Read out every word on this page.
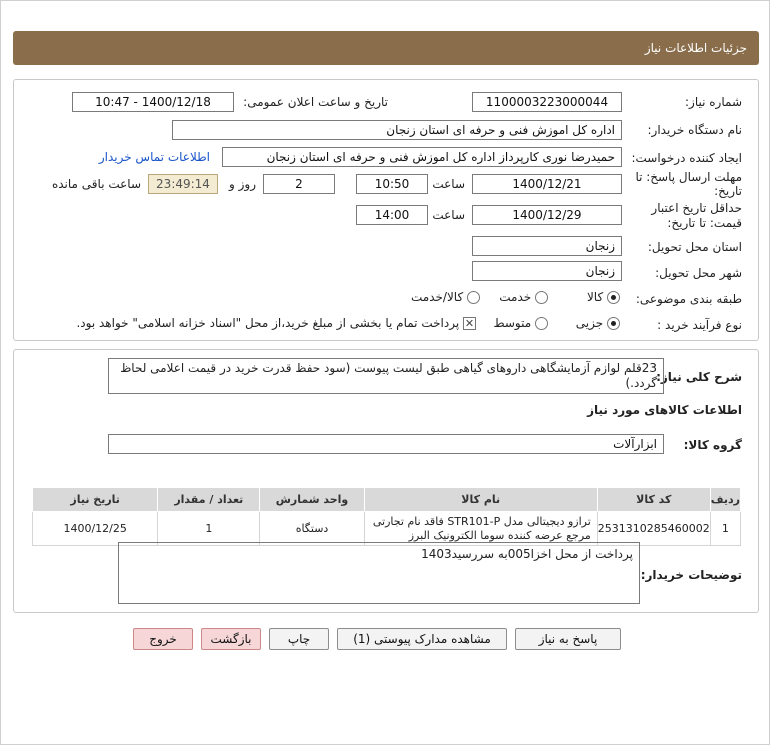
جزئیات اطلاعات نیاز
شماره نیاز:
1100003223000044
تاریخ و ساعت اعلان عمومی:
1400/12/18 - 10:47
نام دستگاه خریدار:
اداره کل اموزش فنی و حرفه ای استان زنجان
ایجاد کننده درخواست:
حمیدرضا نوری کارپرداز اداره کل اموزش فنی و حرفه ای استان زنجان
اطلاعات تماس خریدار
مهلت ارسال پاسخ: تا
تاریخ:
1400/12/21
ساعت
10:50
2
روز و
23:49:14
ساعت باقی مانده
حداقل تاریخ اعتبار
قیمت: تا تاریخ:
1400/12/29
ساعت
14:00
استان محل تحویل:
زنجان
شهر محل تحویل:
زنجان
طبقه بندی موضوعی:
کالا
خدمت
کالا/خدمت
نوع فرآیند خرید :
جزیی
متوسط
✕ پرداخت تمام یا بخشی از مبلغ خرید،از محل "اسناد خزانه اسلامی" خواهد بود.
شرح کلی نیاز:
23قلم لوازم آزمایشگاهی داروهای گیاهی طبق لیست پیوست (سود حفظ قدرت خرید در قیمت اعلامی لحاظ گردد.)
اطلاعات کالاهای مورد نیاز
گروه کالا:
ابزارآلات
ردیف	کد کالا	نام کالا	واحد شمارش	تعداد / مقدار	تاریخ نیاز
1	2531310285460002	ترازو دیجیتالی مدل STR101-P فاقد نام تجارتی مرجع عرضه کننده سوما الکترونیک البرز	دستگاه	1	1400/12/25
توضیحات خریدار:
پرداخت از محل اخزا005به سررسید1403
پاسخ به نیاز
مشاهده مدارک پیوستی (1)
چاپ
بازگشت
خروج
